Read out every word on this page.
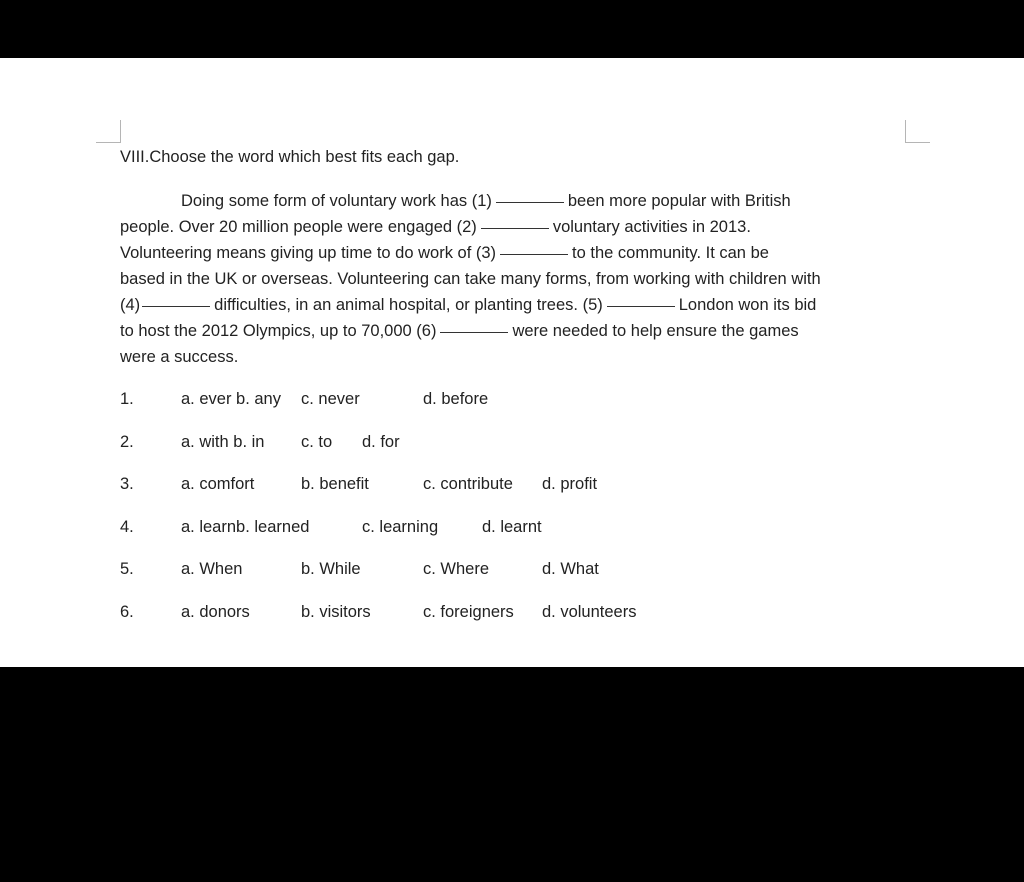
VIII.Choose the word which best fits each gap.
Doing some form of voluntary work has (1)	been more popular with British
people. Over 20 million people were engaged (2)	voluntary activities in 2013.
Volunteering means giving up time to do work of (3)	to the community. It can be
based in the UK or overseas. Volunteering can take many forms, from working with children with
(4)	difficulties, in an animal hospital, or planting trees. (5)	London won its bid
to host the 2012 Olympics, up to 70,000 (6)	were needed to help ensure the games
were a success.
1.	a. ever b. any c. never	d. before
2.	a. with b. in c. to d. for
3.	a. comfort	b. benefit	c. contribute d. profit
4.	a. learnb. learned	c. learning	d. learnt
5.	a. When	b. While	c. Where	d. What
6.	a. donors	b. visitors	c. foreigners d. volunteers
